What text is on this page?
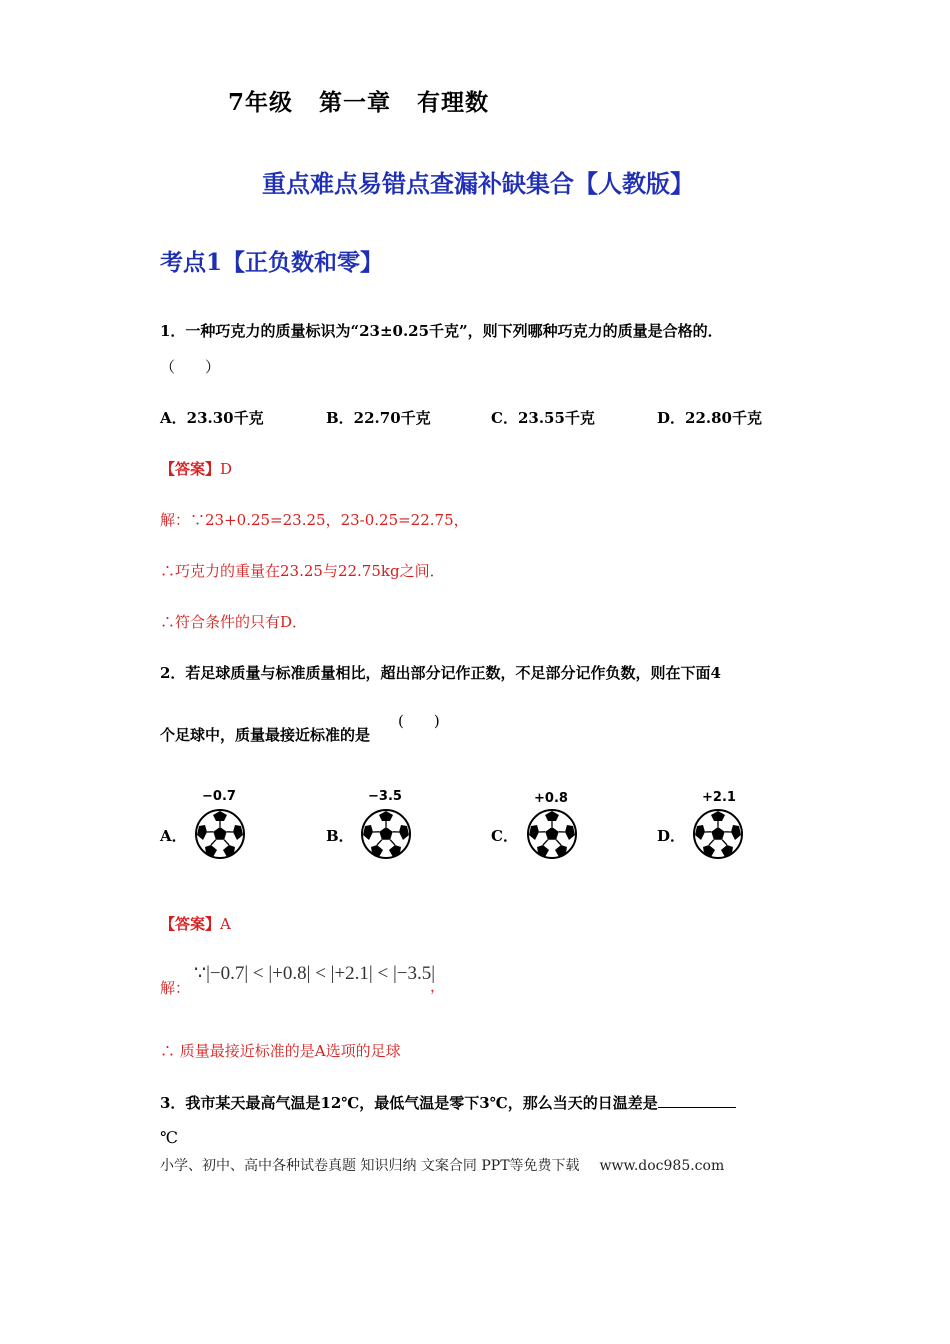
7年级 第一章 有理数
重点难点易错点查漏补缺集合【人教版】
考点1【正负数和零】
1．一种巧克力的质量标识为“23±0.25千克”，则下列哪种巧克力的质量是合格的．
（　　）
A．23.30千克	B．22.70千克	C．23.55千克	D．22.80千克
【答案】D
解：∵23+0.25=23.25，23-0.25=22.75，
∴巧克力的重量在23.25与22.75kg之间．
∴符合条件的只有D．
2．若足球质量与标准质量相比，超出部分记作正数，不足部分记作负数，则在下面4
个足球中，质量最接近标准的是
(　　)
A．
−0.7
B．
−3.5
C．
+0.8
D．
+2.1
【答案】A
解：
∵|−0.7| < |+0.8| < |+2.1| < |−3.5|
，
∴ 质量最接近标准的是A选项的足球
3．我市某天最高气温是12℃，最低气温是零下3℃，那么当天的日温差是
℃
小学、初中、高中各种试卷真题 知识归纳 文案合同 PPT等免费下载 www.doc985.com
